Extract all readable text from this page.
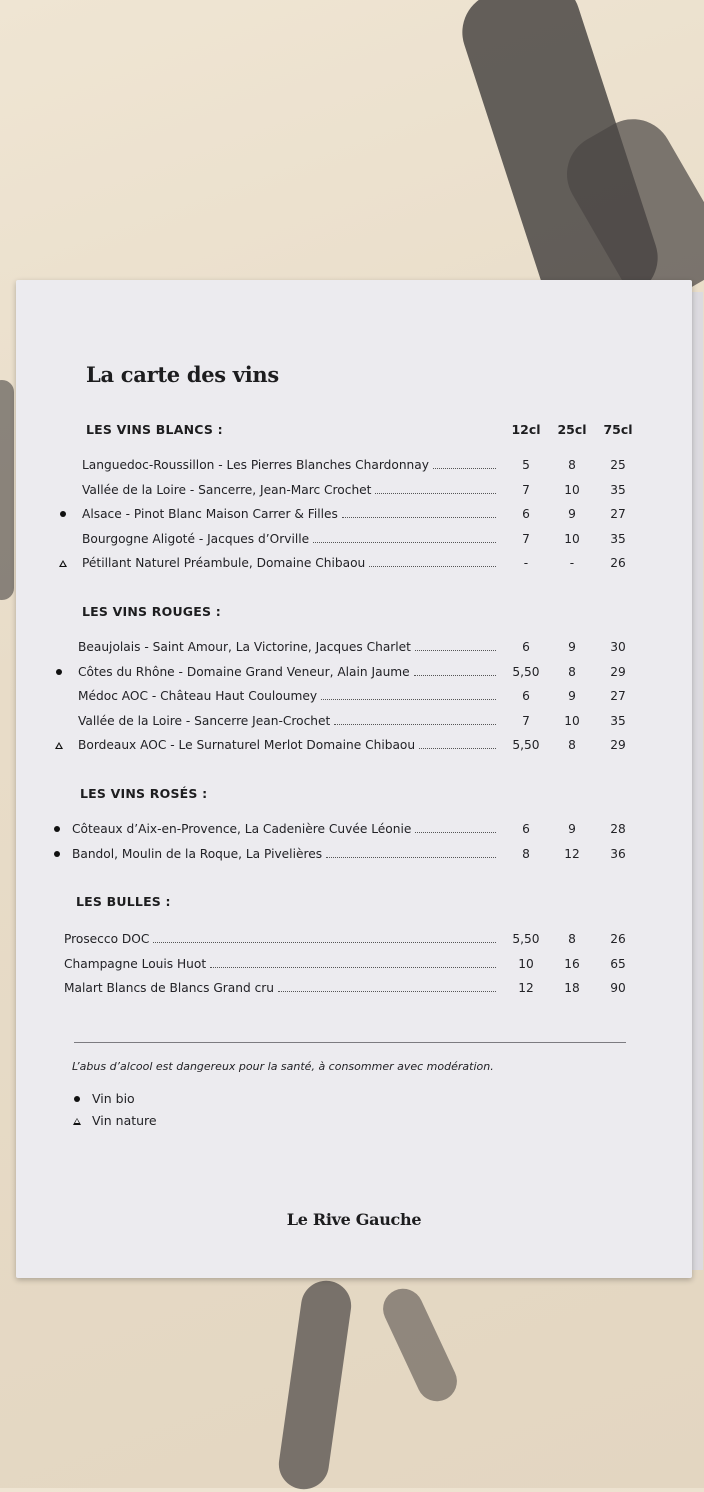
La carte des vins
12cl	25cl	75cl

L’abus d’alcool est dangereux pour la santé, à consommer avec modération.

Vin bio
Vin nature
Le Rive Gauche
LES VINS BLANCS :
Languedoc-Roussillon - Les Pierres Blanches Chardonnay	5	8	25
Vallée de la Loire - Sancerre, Jean-Marc Crochet	7	10	35
Alsace - Pinot Blanc Maison Carrer & Filles	6	9	27
Bourgogne Aligoté - Jacques d’Orville	7	10	35
Pétillant Naturel Préambule, Domaine Chibaou	-	-	26
LES VINS ROUGES :
Beaujolais - Saint Amour, La Victorine, Jacques Charlet	6	9	30
Côtes du Rhône - Domaine Grand Veneur, Alain Jaume	5,50	8	29
Médoc AOC - Château Haut Couloumey	6	9	27
Vallée de la Loire - Sancerre Jean-Crochet	7	10	35
Bordeaux AOC - Le Surnaturel Merlot Domaine Chibaou	5,50	8	29
LES VINS ROSÉS :
Côteaux d’Aix-en-Provence, La Cadenière Cuvée Léonie	6	9	28
Bandol, Moulin de la Roque, La Pivelières	8	12	36
LES BULLES :
Prosecco DOC	5,50	8	26
Champagne Louis Huot	10	16	65
Malart Blancs de Blancs Grand cru	12	18	90
